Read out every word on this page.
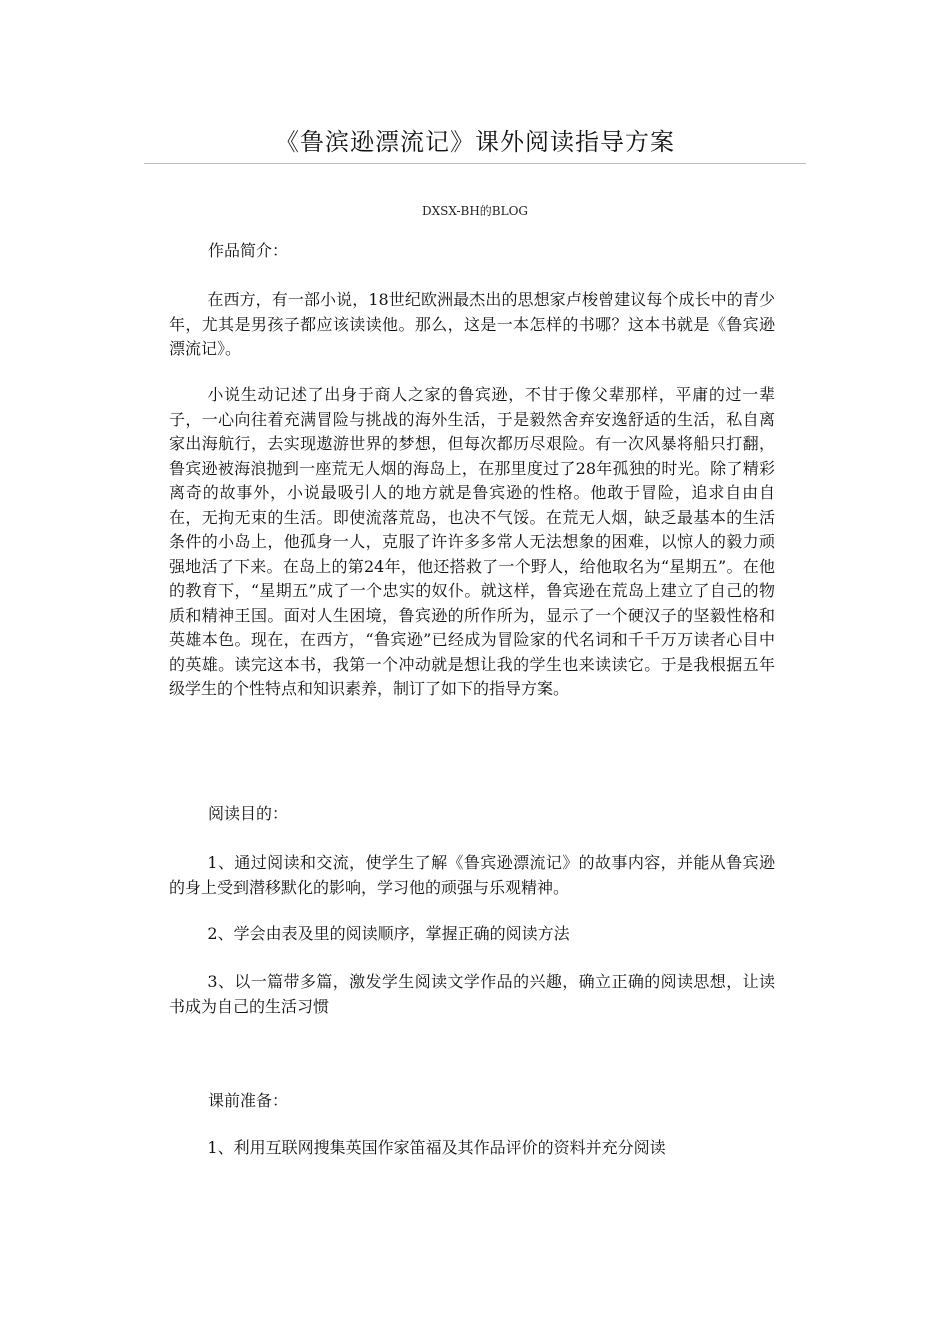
《鲁滨逊漂流记》课外阅读指导方案
DXSX-BH的BLOG
作品简介：

在西方，有一部小说，18世纪欧洲最杰出的思想家卢梭曾建议每个成长中的青少年，尤其是男孩子都应该读读他。那么，这是一本怎样的书哪？这本书就是《鲁宾逊漂流记》。

小说生动记述了出身于商人之家的鲁宾逊，不甘于像父辈那样，平庸的过一辈子，一心向往着充满冒险与挑战的海外生活，于是毅然舍弃安逸舒适的生活，私自离家出海航行，去实现遨游世界的梦想，但每次都历尽艰险。有一次风暴将船只打翻，鲁宾逊被海浪抛到一座荒无人烟的海岛上，在那里度过了28年孤独的时光。除了精彩离奇的故事外，小说最吸引人的地方就是鲁宾逊的性格。他敢于冒险，追求自由自在，无拘无束的生活。即使流落荒岛，也决不气馁。在荒无人烟，缺乏最基本的生活条件的小岛上，他孤身一人，克服了许许多多常人无法想象的困难，以惊人的毅力顽强地活了下来。在岛上的第24年，他还搭救了一个野人，给他取名为“星期五”。在他的教育下，“星期五”成了一个忠实的奴仆。就这样，鲁宾逊在荒岛上建立了自己的物质和精神王国。面对人生困境，鲁宾逊的所作所为，显示了一个硬汉子的坚毅性格和英雄本色。现在，在西方，“鲁宾逊”已经成为冒险家的代名词和千千万万读者心目中的英雄。读完这本书，我第一个冲动就是想让我的学生也来读读它。于是我根据五年级学生的个性特点和知识素养，制订了如下的指导方案。

阅读目的：

1、通过阅读和交流，使学生了解《鲁宾逊漂流记》的故事内容，并能从鲁宾逊的身上受到潜移默化的影响，学习他的顽强与乐观精神。

2、学会由表及里的阅读顺序，掌握正确的阅读方法

3、以一篇带多篇，激发学生阅读文学作品的兴趣，确立正确的阅读思想，让读书成为自己的生活习惯

课前准备：

1、利用互联网搜集英国作家笛福及其作品评价的资料并充分阅读
